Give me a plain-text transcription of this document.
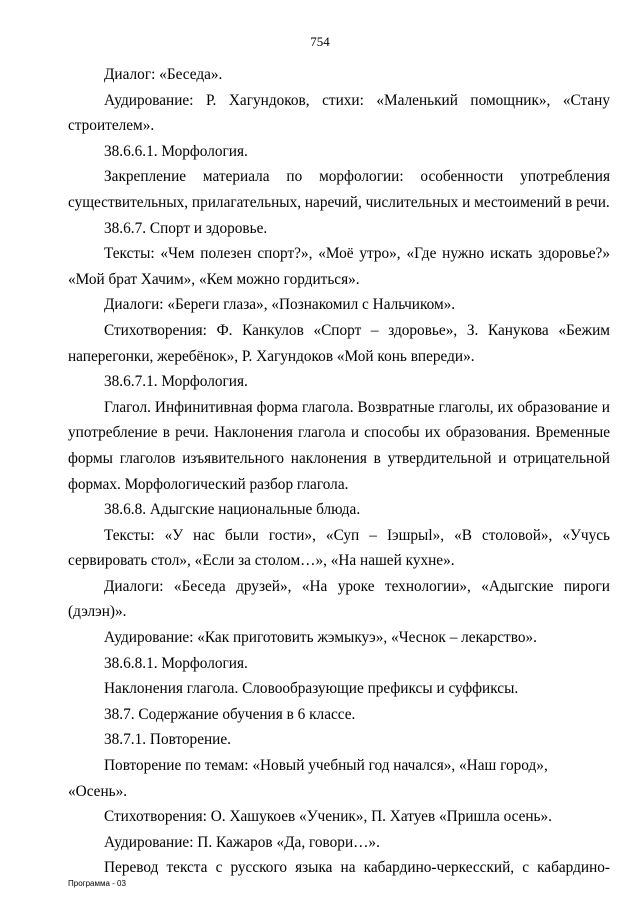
754

Диалог: «Беседа».

Аудирование: Р. Хагундоков, стихи: «Маленький помощник», «Стану строителем».

38.6.6.1. Морфология.

Закрепление материала по морфологии: особенности употребления существительных, прилагательных, наречий, числительных и местоимений в речи.

38.6.7. Спорт и здоровье.

Тексты: «Чем полезен спорт?», «Моё утро», «Где нужно искать здоровье?» «Мой брат Хачим», «Кем можно гордиться».

Диалоги: «Береги глаза», «Познакомил с Нальчиком».

Стихотворения: Ф. Канкулов «Спорт – здоровье», З. Канукова «Бежим наперегонки, жеребёнок», Р. Хагундоков «Мой конь впереди».

38.6.7.1. Морфология.

Глагол. Инфинитивная форма глагола. Возвратные глаголы, их образование и употребление в речи. Наклонения глагола и способы их образования. Временные формы глаголов изъявительного наклонения в утвердительной и отрицательной формах. Морфологический разбор глагола.

38.6.8. Адыгские национальные блюда.

Тексты: «У нас были гости», «Суп – Iэшрыl», «В столовой», «Учусь сервировать стол», «Если за столом…», «На нашей кухне».

Диалоги: «Беседа друзей», «На уроке технологии», «Адыгские пироги (дэлэн)».

Аудирование: «Как приготовить жэмыкуэ», «Чеснок – лекарство».

38.6.8.1. Морфология.

Наклонения глагола. Словообразующие префиксы и суффиксы.

38.7. Содержание обучения в 6 классе.

38.7.1. Повторение.

Повторение по темам: «Новый учебный год начался», «Наш город», «Осень».

Стихотворения: О. Хашукоев «Ученик», П. Хатуев «Пришла осень».

Аудирование: П. Кажаров «Да, говори…».

Перевод текста с русского языка на кабардино-черкесский, с кабардино-

Программа - 03
